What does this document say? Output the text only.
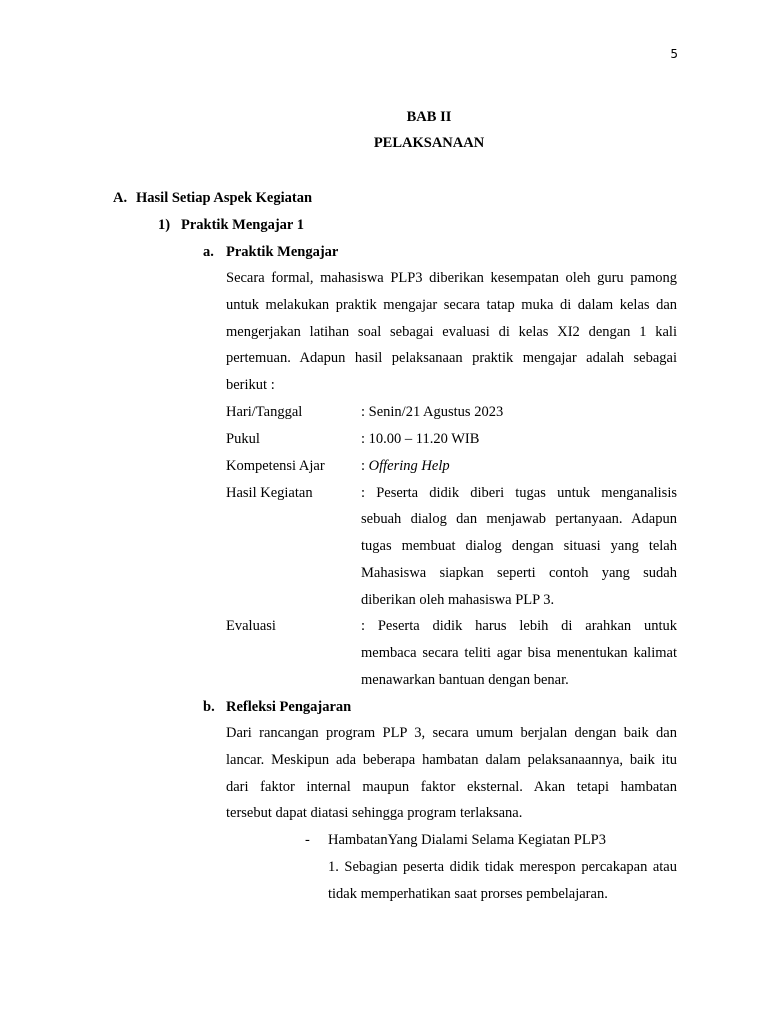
5
BAB II
PELAKSANAAN
A. Hasil Setiap Aspek Kegiatan
1) Praktik Mengajar 1
a. Praktik Mengajar
Secara formal, mahasiswa PLP3 diberikan kesempatan oleh guru pamong
untuk melakukan praktik mengajar secara tatap muka di dalam kelas dan
mengerjakan latihan soal sebagai evaluasi di kelas XI2 dengan 1 kali
pertemuan. Adapun hasil pelaksanaan praktik mengajar adalah sebagai
berikut :
Hari/Tanggal	: Senin/21 Agustus 2023
Pukul	: 10.00 – 11.20 WIB
Kompetensi Ajar	: Offering Help
Hasil Kegiatan	: Peserta didik diberi tugas untuk menganalisis
sebuah dialog dan menjawab pertanyaan. Adapun
tugas membuat dialog dengan situasi yang telah
Mahasiswa siapkan seperti contoh yang sudah
diberikan oleh mahasiswa PLP 3.
Evaluasi	: Peserta didik harus lebih di arahkan untuk
membaca secara teliti agar bisa menentukan kalimat
menawarkan bantuan dengan benar.
b. Refleksi Pengajaran
Dari rancangan program PLP 3, secara umum berjalan dengan baik dan
lancar. Meskipun ada beberapa hambatan dalam pelaksanaannya, baik itu
dari faktor internal maupun faktor eksternal. Akan tetapi hambatan
tersebut dapat diatasi sehingga program terlaksana.
- HambatanYang Dialami Selama Kegiatan PLP3
1. Sebagian peserta didik tidak merespon percakapan atau
tidak memperhatikan saat prorses pembelajaran.
